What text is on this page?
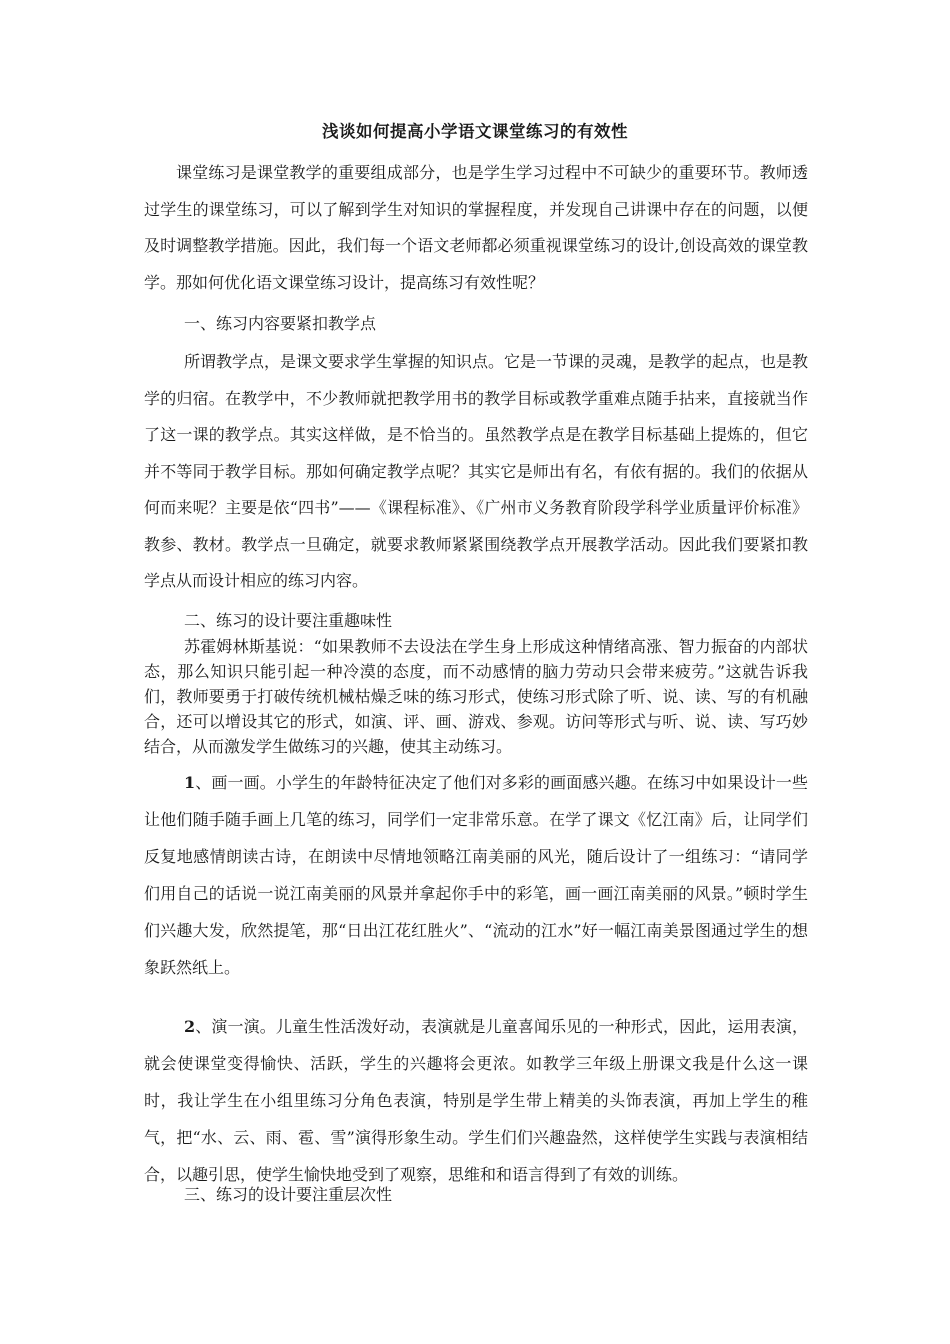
浅谈如何提高小学语文课堂练习的有效性

课堂练习是课堂教学的重要组成部分，也是学生学习过程中不可缺少的重要环节。教师透过学生的课堂练习，可以了解到学生对知识的掌握程度，并发现自己讲课中存在的问题，以便及时调整教学措施。因此，我们每一个语文老师都必须重视课堂练习的设计,创设高效的课堂教学。那如何优化语文课堂练习设计，提高练习有效性呢？

一、练习内容要紧扣教学点

所谓教学点，是课文要求学生掌握的知识点。它是一节课的灵魂，是教学的起点，也是教学的归宿。在教学中，不少教师就把教学用书的教学目标或教学重难点随手拈来，直接就当作了这一课的教学点。其实这样做，是不恰当的。虽然教学点是在教学目标基础上提炼的，但它并不等同于教学目标。那如何确定教学点呢？其实它是师出有名，有依有据的。我们的依据从何而来呢？主要是依“四书”——《课程标准》、《广州市义务教育阶段学科学业质量评价标准》教参、教材。教学点一旦确定，就要求教师紧紧围绕教学点开展教学活动。因此我们要紧扣教学点从而设计相应的练习内容。

二、练习的设计要注重趣味性

苏霍姆林斯基说：“如果教师不去设法在学生身上形成这种情绪高涨、智力振奋的内部状态，那么知识只能引起一种冷漠的态度，而不动感情的脑力劳动只会带来疲劳。”这就告诉我们，教师要勇于打破传统机械枯燥乏味的练习形式，使练习形式除了听、说、读、写的有机融合，还可以增设其它的形式，如演、评、画、游戏、参观。访问等形式与听、说、读、写巧妙结合，从而激发学生做练习的兴趣，使其主动练习。

1、画一画。小学生的年龄特征决定了他们对多彩的画面感兴趣。在练习中如果设计一些让他们随手随手画上几笔的练习，同学们一定非常乐意。在学了课文《忆江南》后，让同学们反复地感情朗读古诗，在朗读中尽情地领略江南美丽的风光，随后设计了一组练习：“请同学们用自己的话说一说江南美丽的风景并拿起你手中的彩笔，画一画江南美丽的风景。”顿时学生们兴趣大发，欣然提笔，那“日出江花红胜火”、“流动的江水”好一幅江南美景图通过学生的想象跃然纸上。

2、演一演。儿童生性活泼好动，表演就是儿童喜闻乐见的一种形式，因此，运用表演，就会使课堂变得愉快、活跃，学生的兴趣将会更浓。如教学三年级上册课文我是什么这一课时，我让学生在小组里练习分角色表演，特别是学生带上精美的头饰表演，再加上学生的稚气，把“水、云、雨、雹、雪”演得形象生动。学生们们兴趣盎然，这样使学生实践与表演相结合，以趣引思，使学生愉快地受到了观察，思维和和语言得到了有效的训练。

三、练习的设计要注重层次性
